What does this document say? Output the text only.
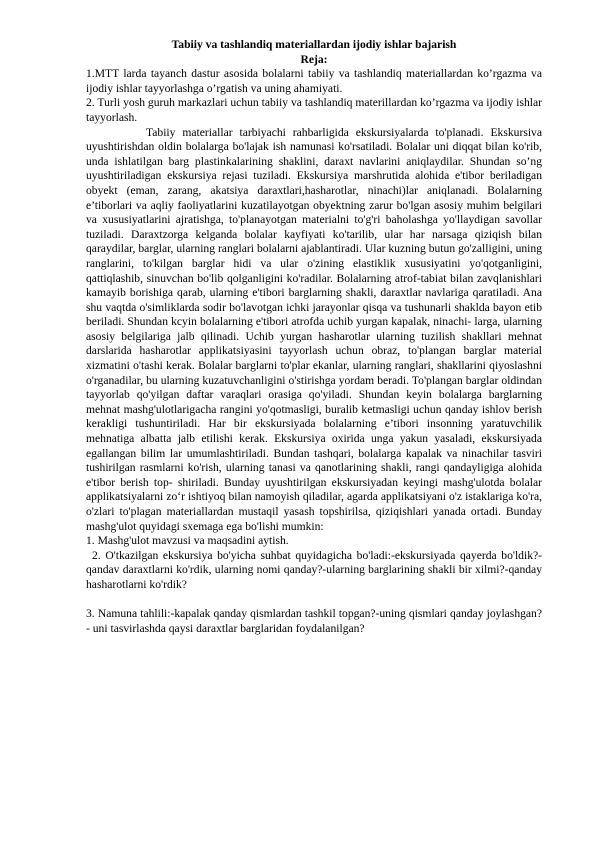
Tabiiy va tashlandiq materiallardan ijodiy ishlar bajarish

Reja:

1.MTT larda tayanch dastur asosida bolalarni tabiiy va tashlandiq materiallardan ko’rgazma va ijodiy ishlar tayyorlashga o’rgatish va uning ahamiyati.

2. Turli yosh guruh markazlari uchun tabiiy va tashlandiq materillardan ko’rgazma va ijodiy ishlar tayyorlash.

Tabiiy materiallar tarbiyachi rahbarligida ekskursiyalarda to'planadi. Ekskursiva uyushtirishdan oldin bolalarga bo'lajak ish namunasi ko'rsatiladi. Bolalar uni diqqat bilan ko'rib, unda ishlatilgan barg plastinkalarining shaklini, daraxt navlarini aniqlaydilar. Shundan so’ng uyushtiriladigan ekskursiya rejasi tuziladi. Ekskursiya marshrutida alohida e'tibor beriladigan obyekt (eman, zarang, akatsiya daraxtlari,hasharotlar, ninachi)lar aniqlanadi. Bolalarning e’tiborlari va aqliy faoliyatlarini kuzatilayotgan obyektning zarur bo'lgan asosiy muhim belgilari va xususiyatlarini ajratishga, to'planayotgan materialni to'g'ri baholashga yo'llaydigan savollar tuziladi. Daraxtzorga kelganda bolalar kayfiyati ko'tarilib, ular har narsaga qiziqish bilan qaraydilar, barglar, ularning ranglari bolalarni ajablantiradi. Ular kuzning butun go'zalligini, uning ranglarini, to'kilgan barglar hidi va ular o'zining elastiklik xususiyatini yo'qotganligini, qattiqlashib, sinuvchan bo'lib qolganligini ko'radilar. Bolalarning atrof-tabiat bilan zavqlanishlari kamayib borishiga qarab, ularning e'tibori barglarning shakli, daraxtlar navlariga qaratiladi. Ana shu vaqtda o'simliklarda sodir bo'lavotgan ichki jarayonlar qisqa va tushunarli shaklda bayon etib beriladi. Shundan kcyin bolalarning e'tibori atrofda uchib yurgan kapalak, ninachi- larga, ularning asosiy belgilariga jalb qilinadi. Uchib yurgan hasharotlar ularning tuzilish shakllari mehnat darslarida hasharotlar applikatsiyasini tayyorlash uchun obraz, to'plangan barglar material xizmatini o'tashi kerak. Bolalar barglarni to'plar ekanlar, ularning ranglari, shakllarini qiyoslashni o'rganadilar, bu ularning kuzatuvchanligini o'stirishga yordam beradi. To'plangan barglar oldindan tayyorlab qo'yilgan daftar varaqlari orasiga qo'yiladi. Shundan keyin bolalarga barglarning mehnat mashg'ulotlarigacha rangini yo'qotmasligi, buralib ketmasligi uchun qanday ishlov berish kerakligi tushuntiriladi. Har bir ekskursiyada bolalarning e’tibori insonning yaratuvchilik mehnatiga albatta jalb etilishi kerak. Ekskursiya oxirida unga yakun yasaladi, ekskursiyada egallangan bilim lar umumlashtiriladi. Bundan tashqari, bolalarga kapalak va ninachilar tasviri tushirilgan rasmlarni ko'rish, ularning tanasi va qanotlarining shakli, rangi qandayligiga alohida e'tibor berish top- shiriladi. Bunday uyushtirilgan ekskursiyadan keyingi mashg'ulotda bolalar applikatsiyalarni zo‘r ishtiyoq bilan namoyish qiladilar, agarda applikatsiyani o'z istaklariga ko'ra, o'zlari to'plagan materiallardan mustaqil yasash topshirilsa, qiziqishlari yanada ortadi. Bunday mashg'ulot quyidagi sxemaga ega bo'lishi mumkin:

1. Mashg'ulot mavzusi va maqsadini aytish.

2. O'tkazilgan ekskursiya bo'yicha suhbat quyidagicha bo'ladi:-ekskursiyada qayerda bo'ldik?-qandav daraxtlarni ko'rdik, ularning nomi qanday?-ularning barglarining shakli bir xilmi?-qanday hasharotlarni ko'rdik?

3. Namuna tahlili:-kapalak qanday qismlardan tashkil topgan?-uning qismlari qanday joylashgan?- uni tasvirlashda qaysi daraxtlar barglaridan foydalanilgan?
